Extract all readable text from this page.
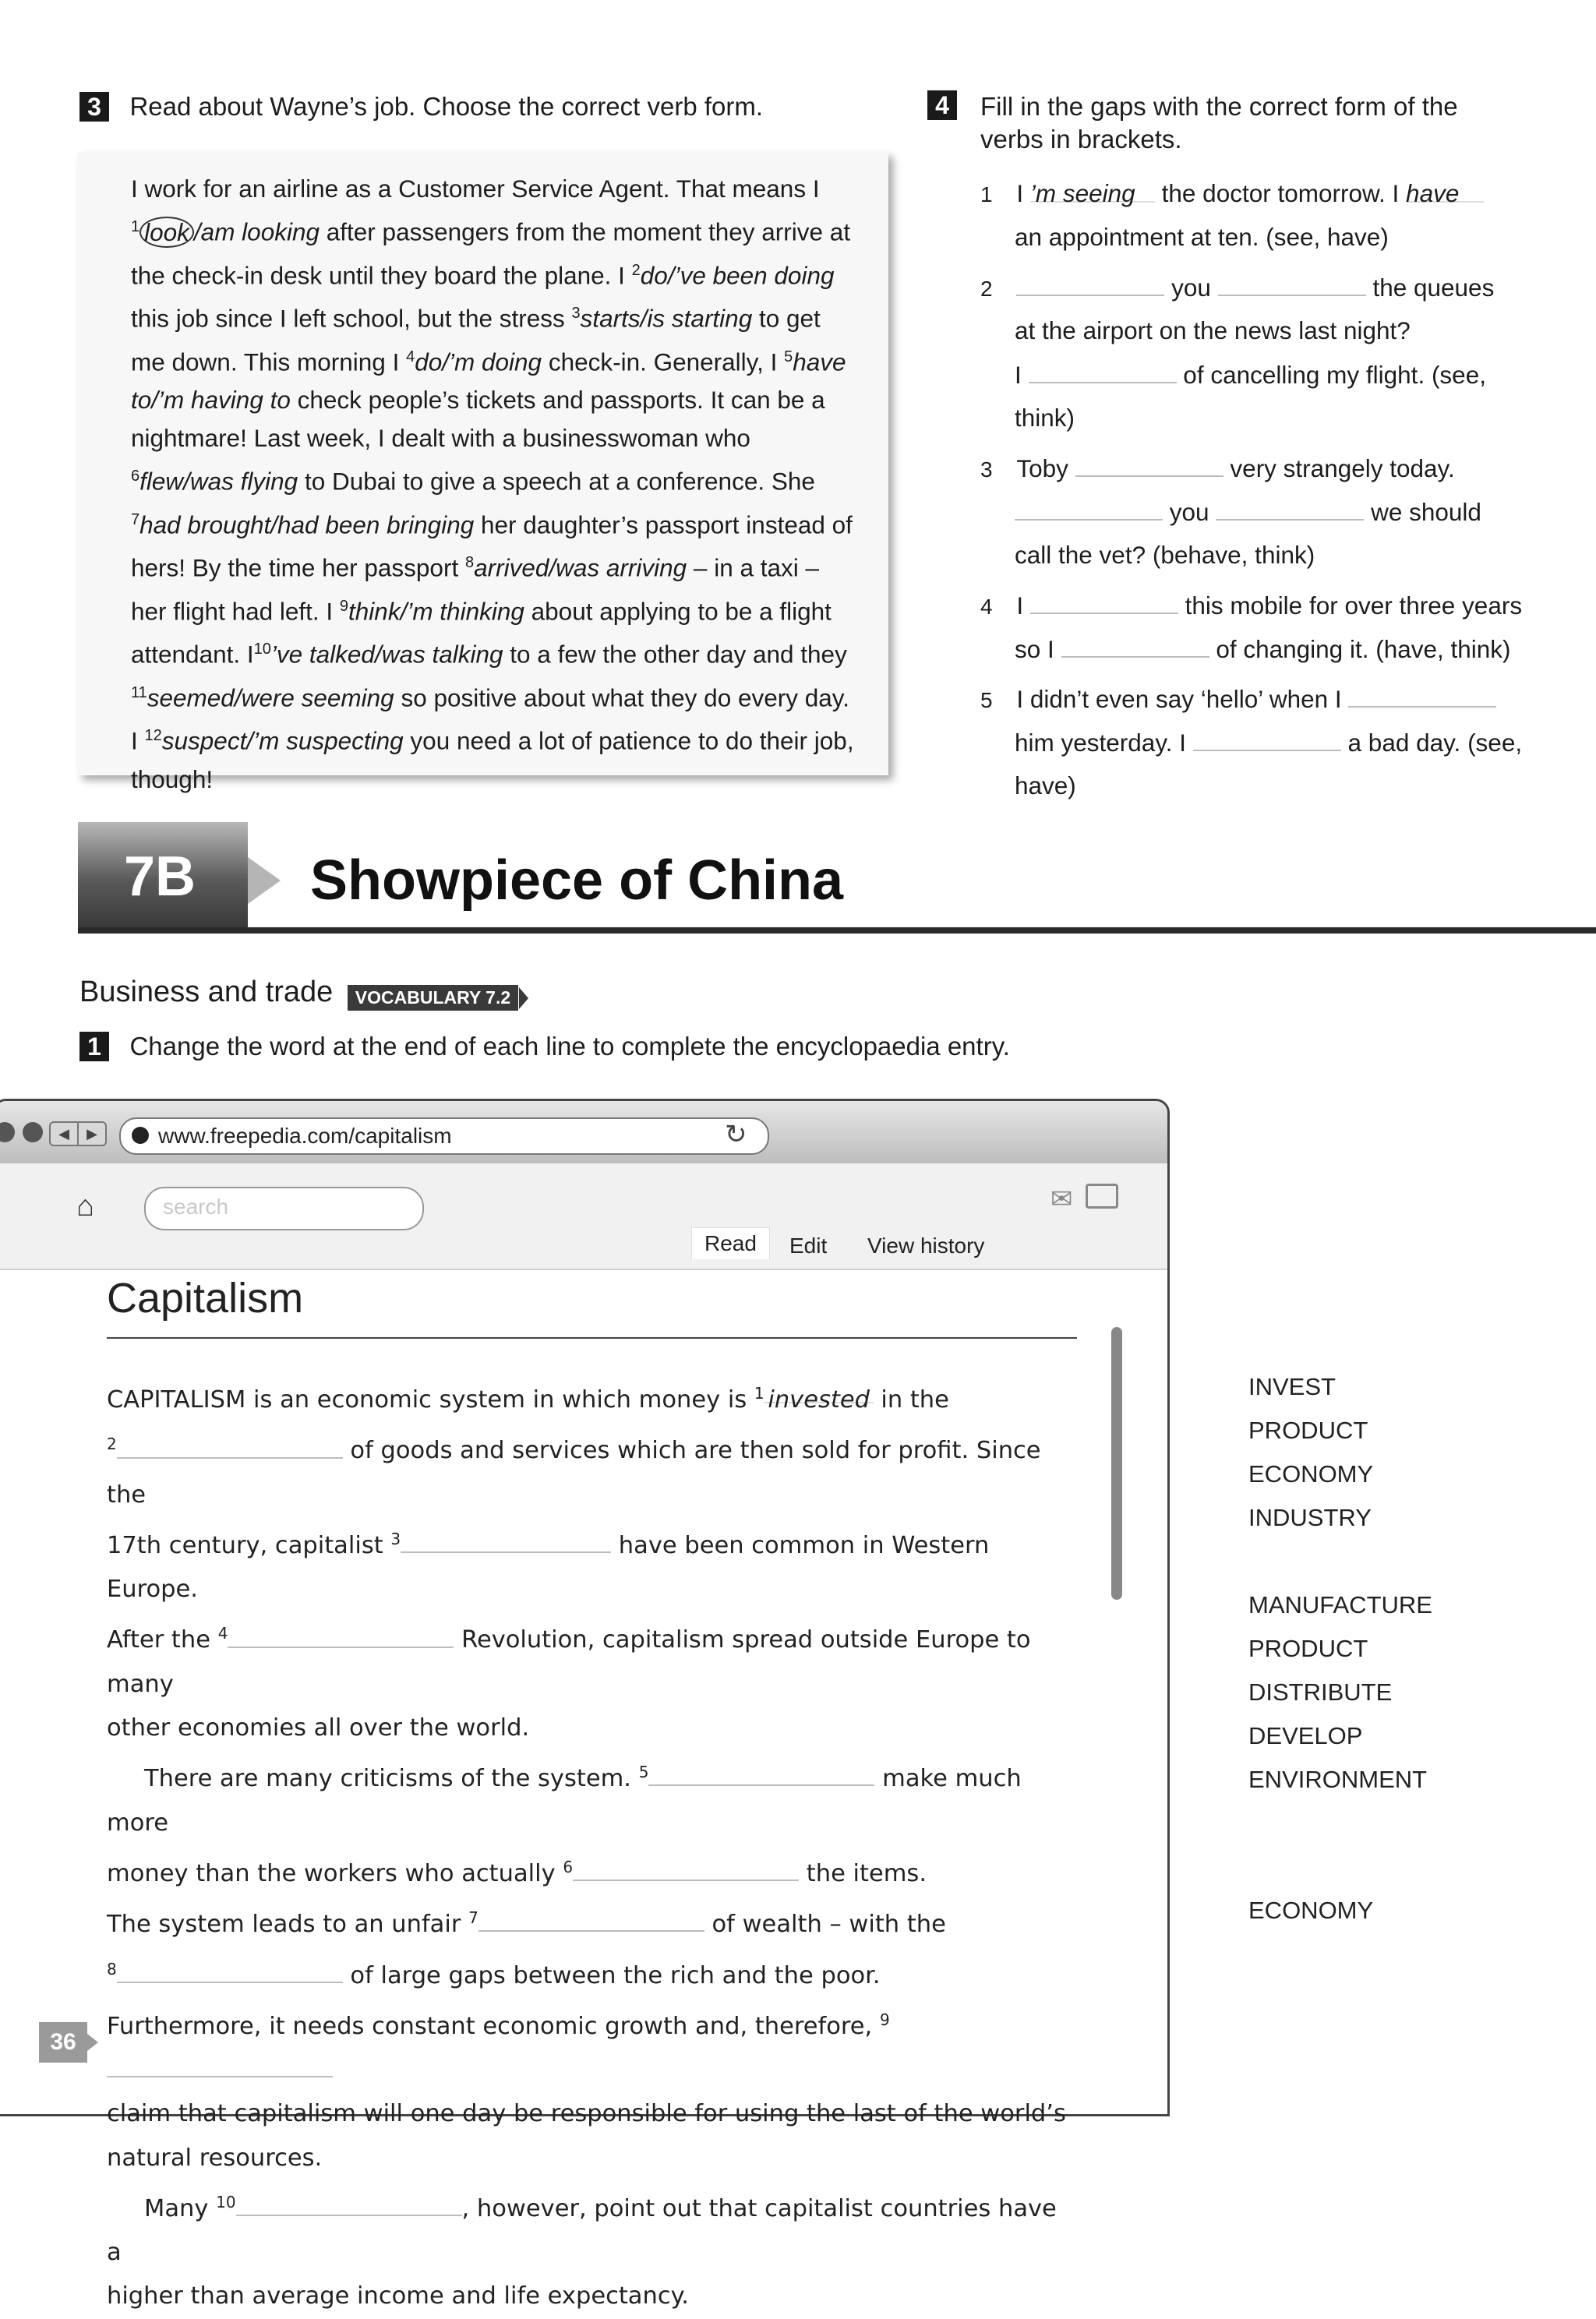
3 Read about Wayne’s job. Choose the correct verb form.
I work for an airline as a Customer Service Agent. That means I
$^1$ look /am looking after passengers from the moment they arrive at the check-in desk until they board the plane. I $^2$do/’ve been doing this job since I left school, but the stress $^3$starts/is starting to get me down. This morning I $^4$do/’m doing check-in. Generally, I $^5$have to/’m having to check people’s tickets and passports. It can be a nightmare! Last week, I dealt with a businesswoman who $^6$flew/was flying to Dubai to give a speech at a conference. She $^7$had brought/had been bringing her daughter’s passport instead of hers! By the time her passport $^8$arrived/was arriving – in a taxi – her flight had left. I $^9$think/’m thinking about applying to be a flight attendant. $I^{10}’ve$ talked/was talking to a few the other day and they $^{11}$seemed/were seeming so positive about what they do every day. I $^{12}$suspect/’m suspecting you need a lot of patience to do their job, though!
4	Fill in the gaps with the correct form of the
verbs in brackets.
1 I ’m seeing the doctor tomorrow. I have
an appointment at ten. (see, have)
2	you	the queues
at the airport on the news last night?
I	of cancelling my flight. (see,
think)
3 Toby	very strangely today.
you	we should
call the vet? (behave, think)
4 I	this mobile for over three years
so I	of changing it. (have, think)
5 I didn’t even say ‘hello’ when I
him yesterday. I	a bad day. (see,
have)
7B	Showpiece of China
Business and trade VOCABULARY 7.2
1 Change the word at the end of each line to complete the encyclopaedia entry.
◀	▶	www.freepedia.com/capitalism	↻
⌂	search	✉
Read	Edit View history
Capitalism
CAPITALISM is an economic system in which money is $^1$ invested in the
$^2$	of goods and services which are then sold for profit. Since the
17th century, capitalist $^3$	have been common in Western Europe.
After the $^4$	Revolution, capitalism spread outside Europe to many
other economies all over the world.
There are many criticisms of the system. $^5$	make much more
money than the workers who actually $^6$	the items.
The system leads to an unfair $^7$	of wealth – with the
$^8$	of large gaps between the rich and the poor.
Furthermore, it needs constant economic growth and, therefore, $^9$
claim that capitalism will one day be responsible for using the last of the world’s
natural resources.
Many $^{10}$	, however, point out that capitalist countries have a
higher than average income and life expectancy.
INVEST
PRODUCT
ECONOMY
INDUSTRY
MANUFACTURE
PRODUCT
DISTRIBUTE
DEVELOP
ENVIRONMENT
ECONOMY
36
